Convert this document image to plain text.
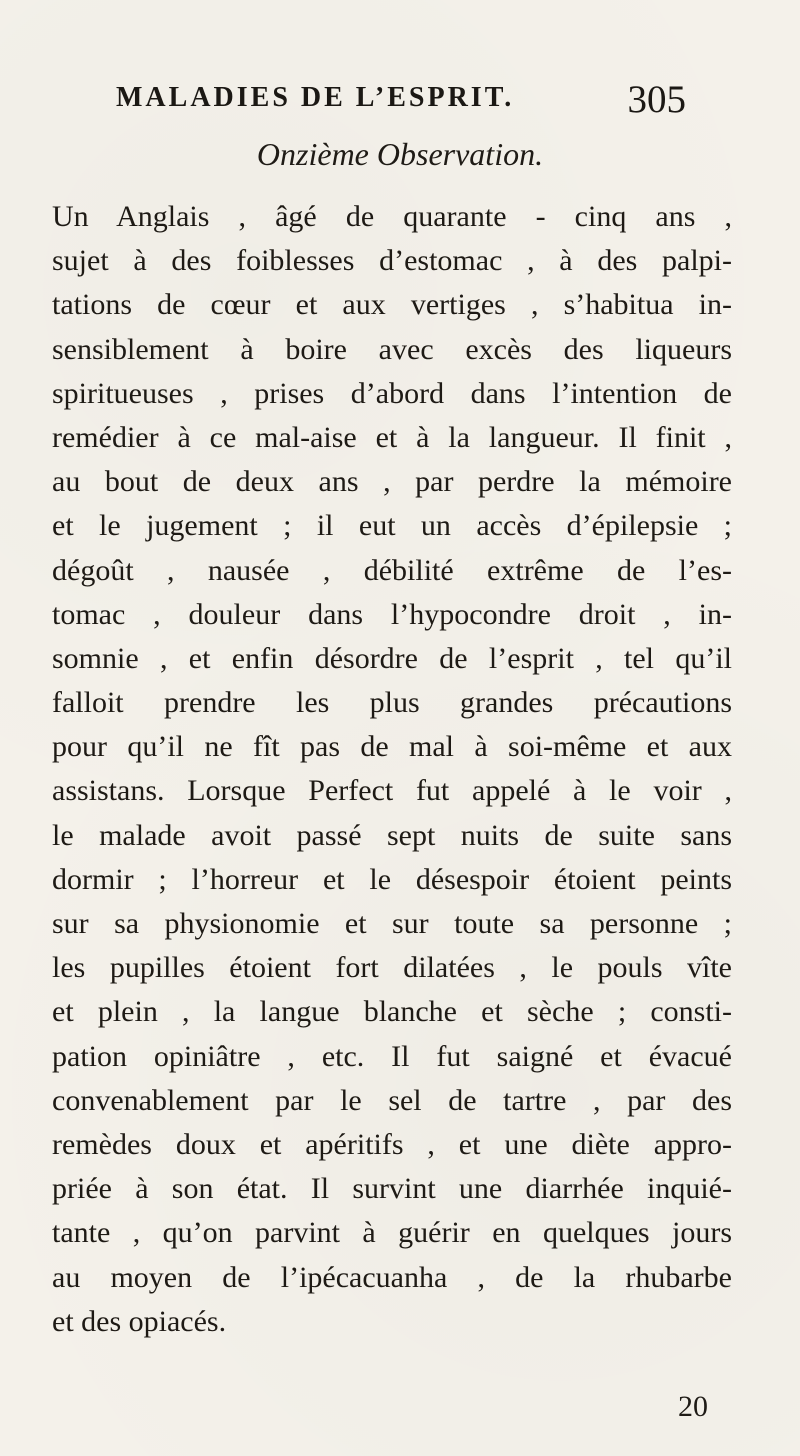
MALADIES DE L’ESPRIT.	305
Onzième Observation.
Un Anglais , âgé de quarante - cinq ans ,
sujet à des foiblesses d’estomac , à des palpi-
tations de cœur et aux vertiges , s’habitua in-
sensiblement à boire avec excès des liqueurs
spiritueuses , prises d’abord dans l’intention de
remédier à ce mal-aise et à la langueur. Il finit ,
au bout de deux ans , par perdre la mémoire
et le jugement ; il eut un accès d’épilepsie ;
dégoût , nausée , débilité extrême de l’es-
tomac , douleur dans l’hypocondre droit , in-
somnie , et enfin désordre de l’esprit , tel qu’il
falloit prendre les plus grandes précautions
pour qu’il ne fît pas de mal à soi-même et aux
assistans. Lorsque Perfect fut appelé à le voir ,
le malade avoit passé sept nuits de suite sans
dormir ; l’horreur et le désespoir étoient peints
sur sa physionomie et sur toute sa personne ;
les pupilles étoient fort dilatées , le pouls vîte
et plein , la langue blanche et sèche ; consti-
pation opiniâtre , etc. Il fut saigné et évacué
convenablement par le sel de tartre , par des
remèdes doux et apéritifs , et une diète appro-
priée à son état. Il survint une diarrhée inquié-
tante , qu’on parvint à guérir en quelques jours
au moyen de l’ipécacuanha , de la rhubarbe
et des opiacés.
20
